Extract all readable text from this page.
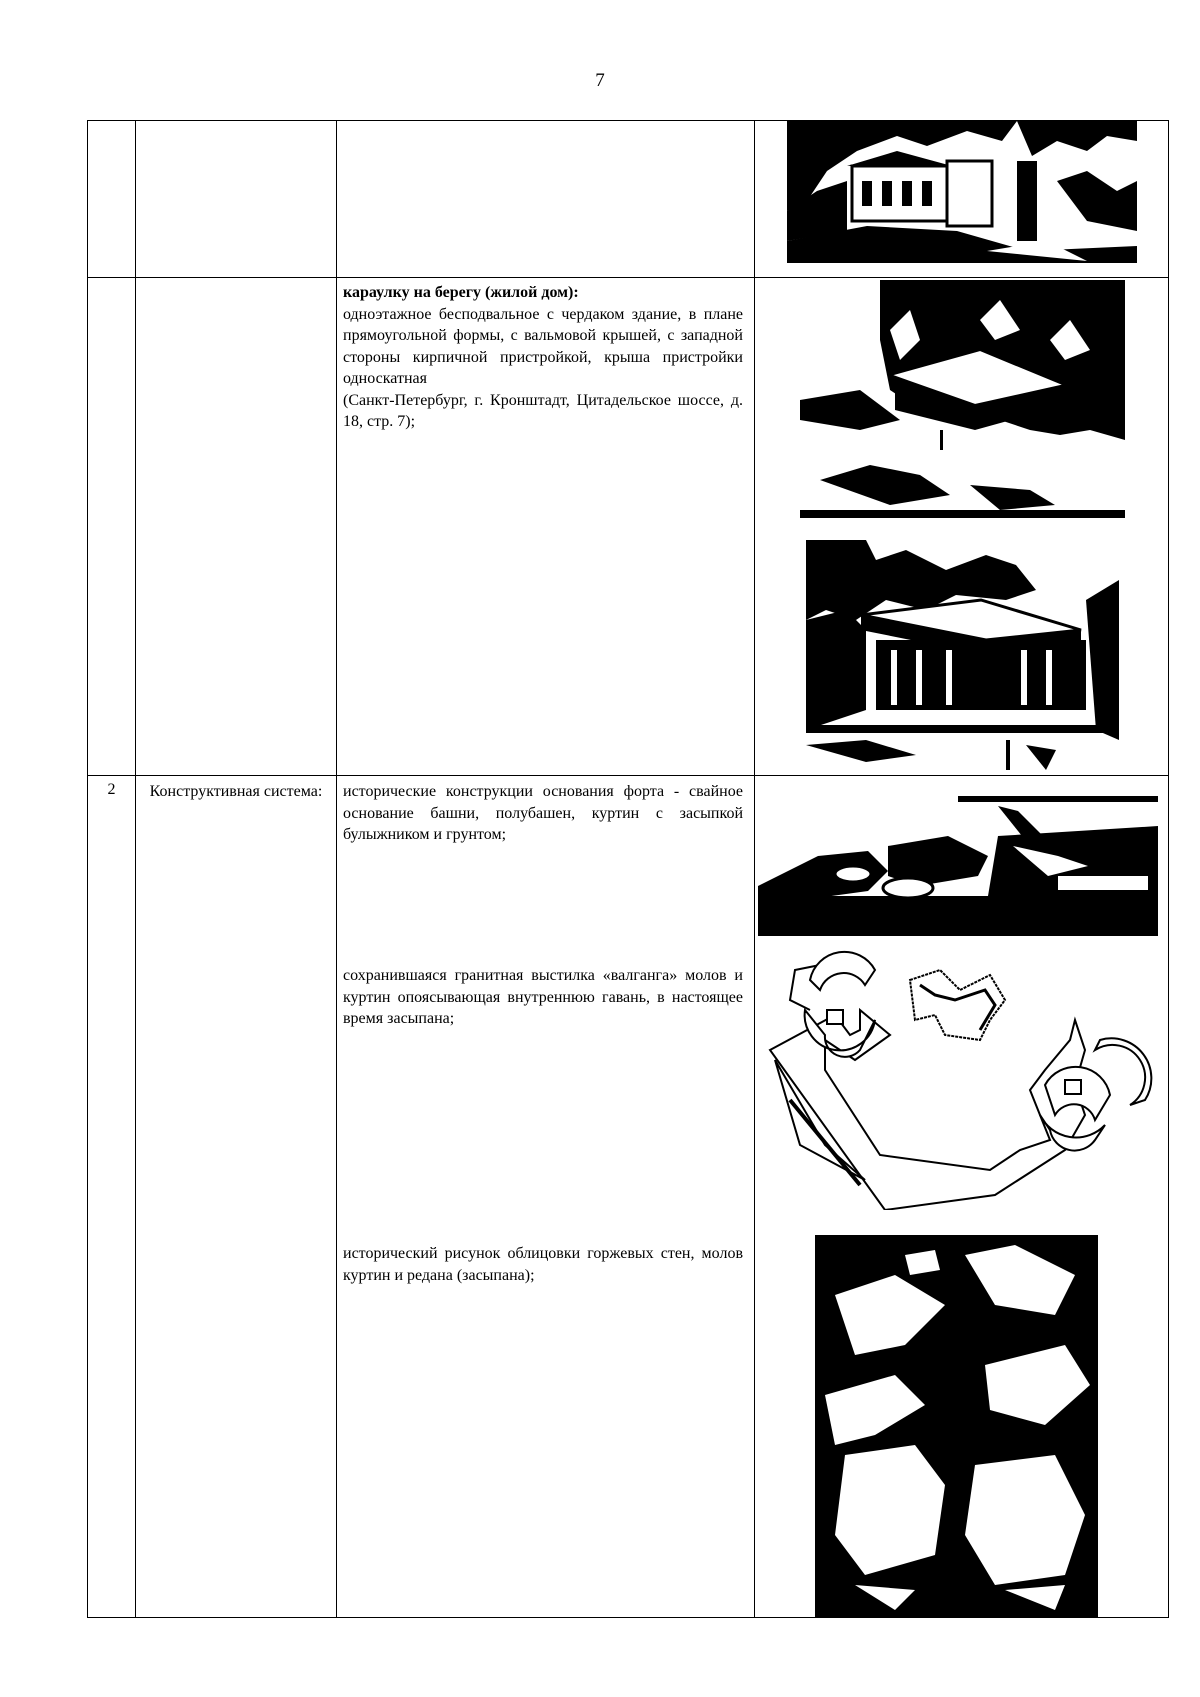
7

караулку на берегу (жилой дом):

одноэтажное бесподвальное с чердаком здание, в плане прямоугольной формы, с вальмовой крышей, с западной стороны кирпичной пристройкой, крыша пристройки односкатная

(Санкт-Петербург, г. Кронштадт, Цитадельское шоссе, д. 18, стр. 7);

2	Конструктивная система:	исторические конструкции основания форта - свайное основание башни, полубашен, куртин с засыпкой булыжником и грунтом;

сохранившаяся гранитная выстилка «валганга» молов и куртин опоясывающая внутреннюю гавань, в настоящее время засыпана;

исторический рисунок облицовки горжевых стен, молов куртин и редана (засыпана);
